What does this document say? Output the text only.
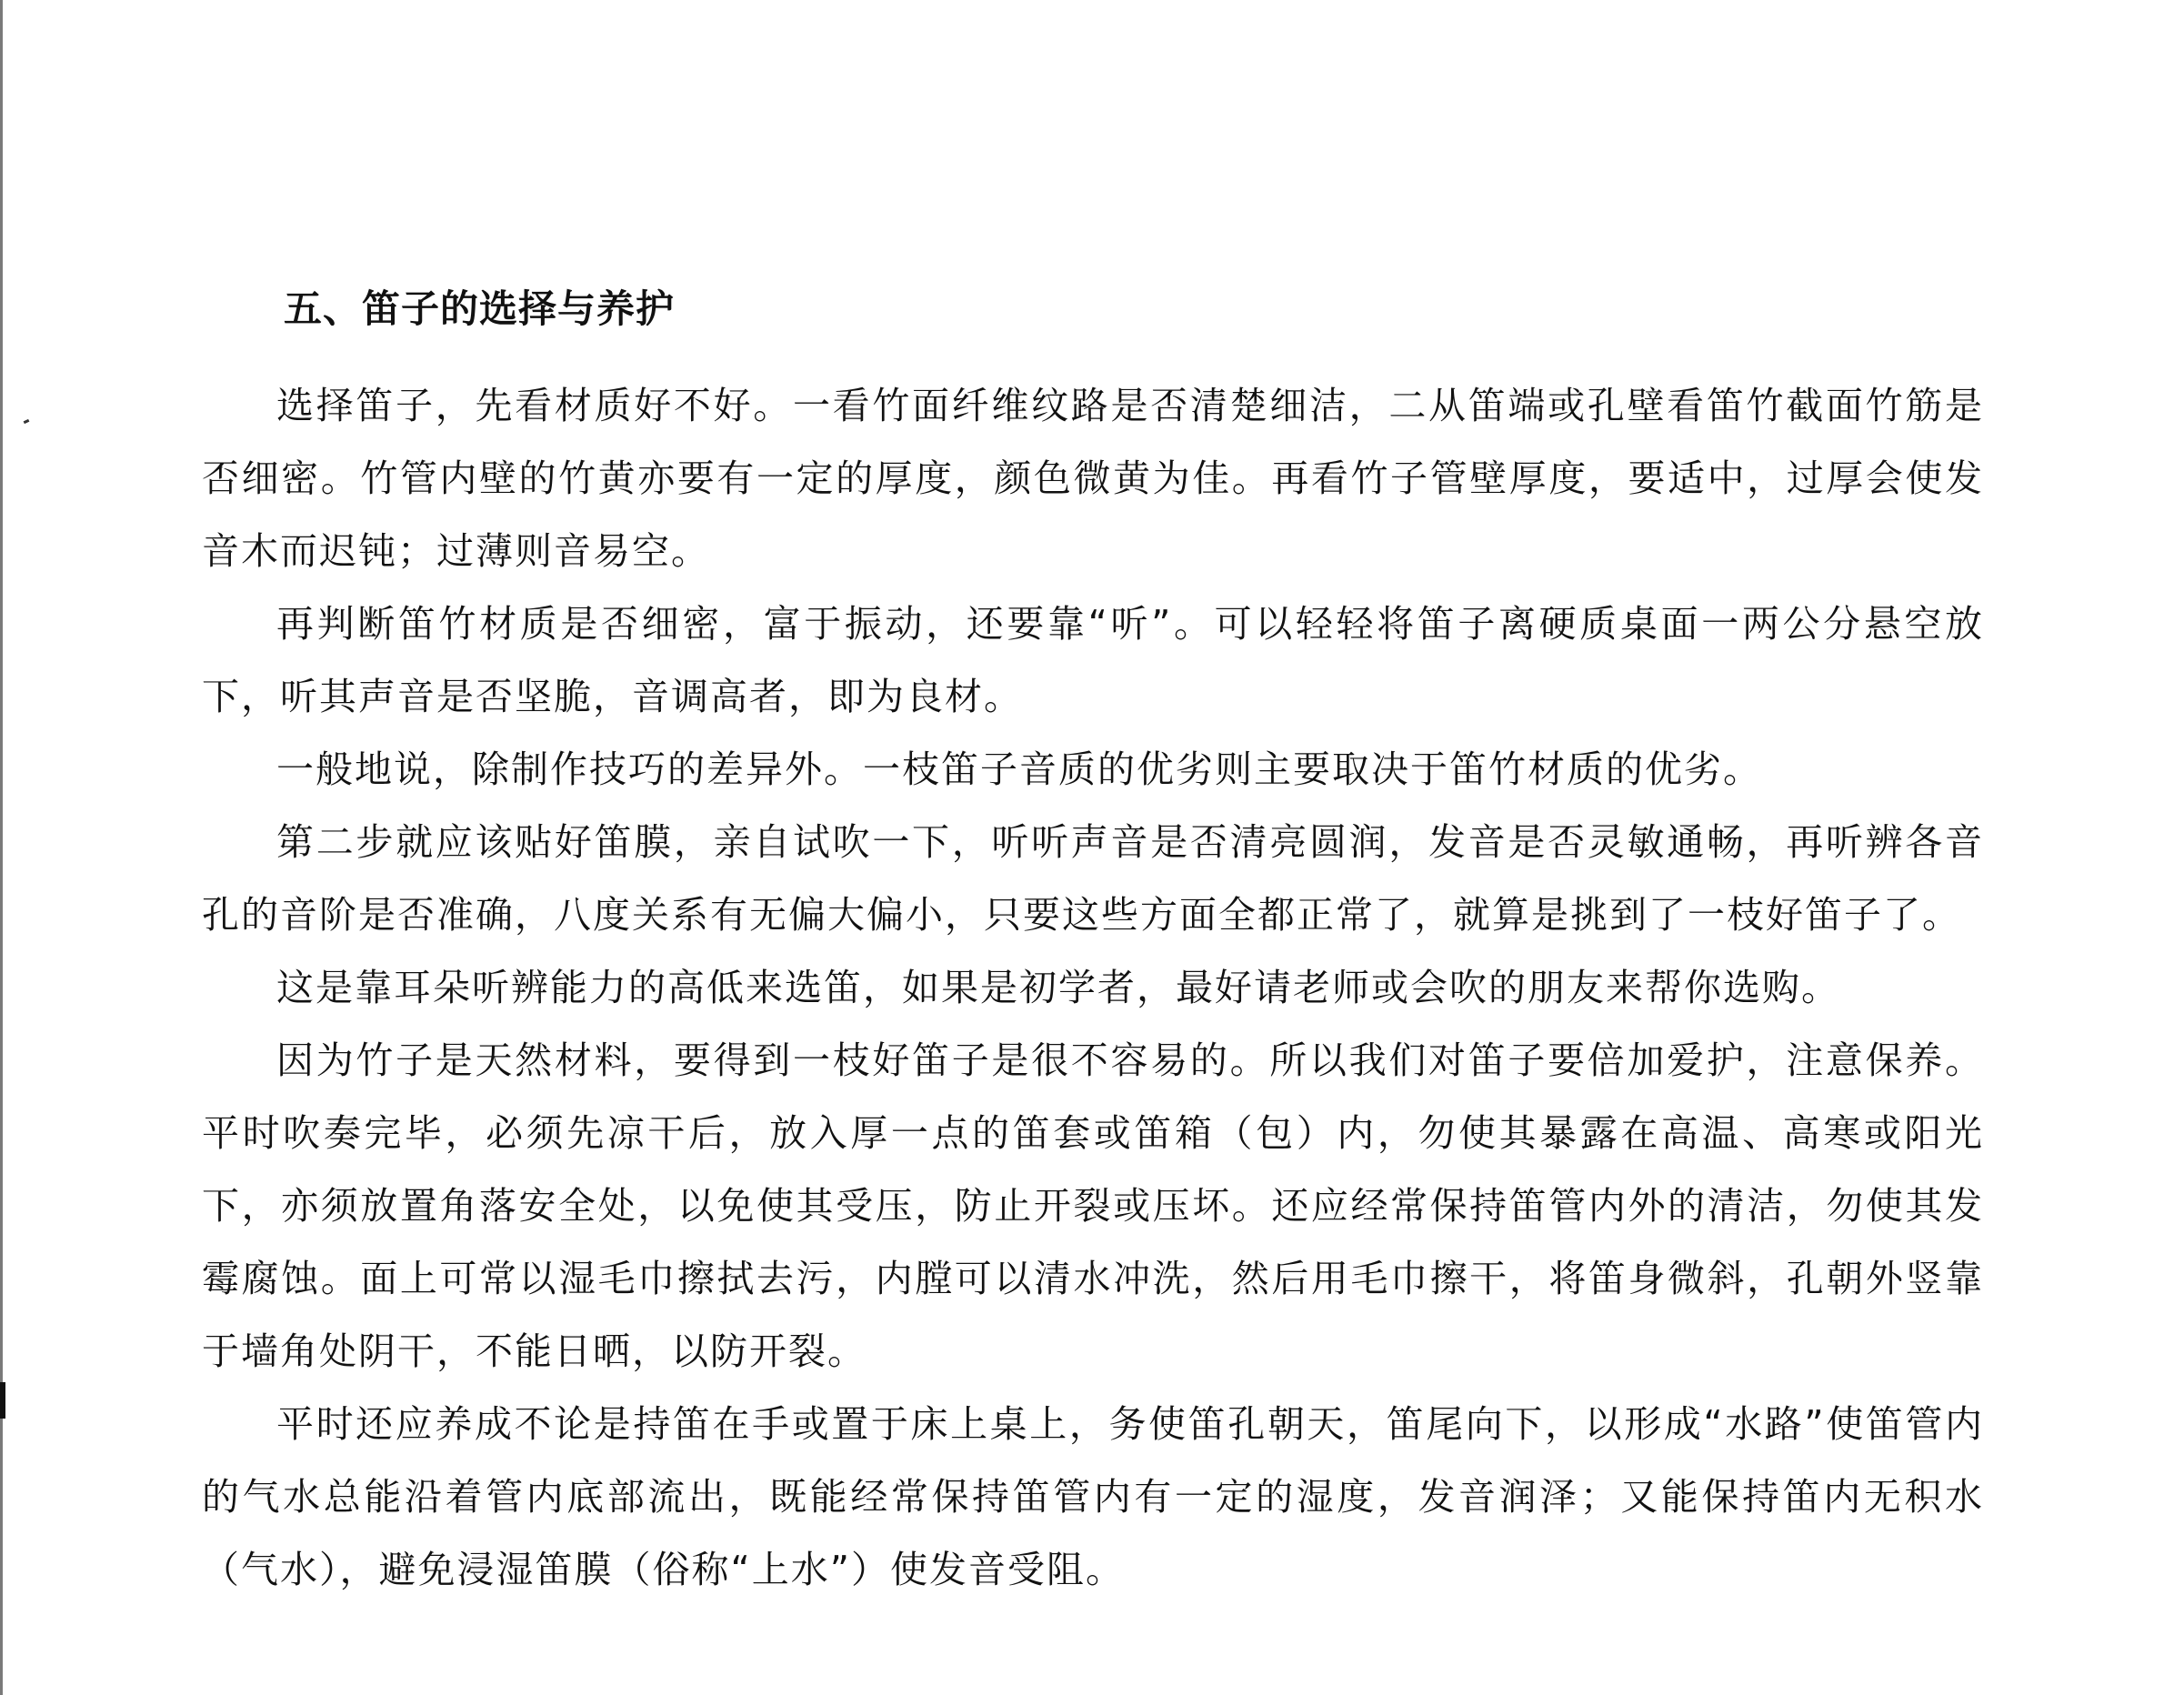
五、笛子的选择与养护

选择笛子，先看材质好不好。一看竹面纤维纹路是否清楚细洁，二从笛端或孔壁看笛竹截面竹筋是否细密。竹管内壁的竹黄亦要有一定的厚度，颜色微黄为佳。再看竹子管壁厚度，要适中，过厚会使发音木而迟钝；过薄则音易空。

再判断笛竹材质是否细密，富于振动，还要靠“听”。可以轻轻将笛子离硬质桌面一两公分悬空放下，听其声音是否坚脆，音调高者，即为良材。

一般地说，除制作技巧的差异外。一枝笛子音质的优劣则主要取决于笛竹材质的优劣。

第二步就应该贴好笛膜，亲自试吹一下，听听声音是否清亮圆润，发音是否灵敏通畅，再听辨各音孔的音阶是否准确，八度关系有无偏大偏小，只要这些方面全都正常了，就算是挑到了一枝好笛子了。

这是靠耳朵听辨能力的高低来选笛，如果是初学者，最好请老师或会吹的朋友来帮你选购。

因为竹子是天然材料，要得到一枝好笛子是很不容易的。所以我们对笛子要倍加爱护，注意保养。平时吹奏完毕，必须先凉干后，放入厚一点的笛套或笛箱（包）内，勿使其暴露在高温、高寒或阳光下，亦须放置角落安全处，以免使其受压，防止开裂或压坏。还应经常保持笛管内外的清洁，勿使其发霉腐蚀。面上可常以湿毛巾擦拭去污，内膛可以清水冲洗，然后用毛巾擦干，将笛身微斜，孔朝外竖靠于墙角处阴干，不能日晒，以防开裂。

平时还应养成不论是持笛在手或置于床上桌上，务使笛孔朝天，笛尾向下，以形成“水路”使笛管内的气水总能沿着管内底部流出，既能经常保持笛管内有一定的湿度，发音润泽；又能保持笛内无积水（气水），避免浸湿笛膜（俗称“上水”）使发音受阻。
